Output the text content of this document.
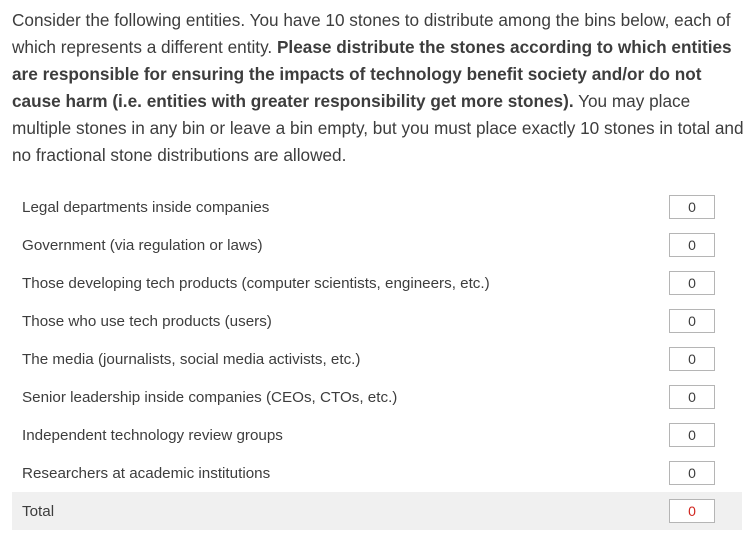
Consider the following entities. You have 10 stones to distribute among the bins below, each of which represents a different entity. Please distribute the stones according to which entities are responsible for ensuring the impacts of technology benefit society and/or do not cause harm (i.e. entities with greater responsibility get more stones). You may place multiple stones in any bin or leave a bin empty, but you must place exactly 10 stones in total and no fractional stone distributions are allowed.
Legal departments inside companies
0
Government (via regulation or laws)
0
Those developing tech products (computer scientists, engineers, etc.)
0
Those who use tech products (users)
0
The media (journalists, social media activists, etc.)
0
Senior leadership inside companies (CEOs, CTOs, etc.)
0
Independent technology review groups
0
Researchers at academic institutions
0
Total
0
